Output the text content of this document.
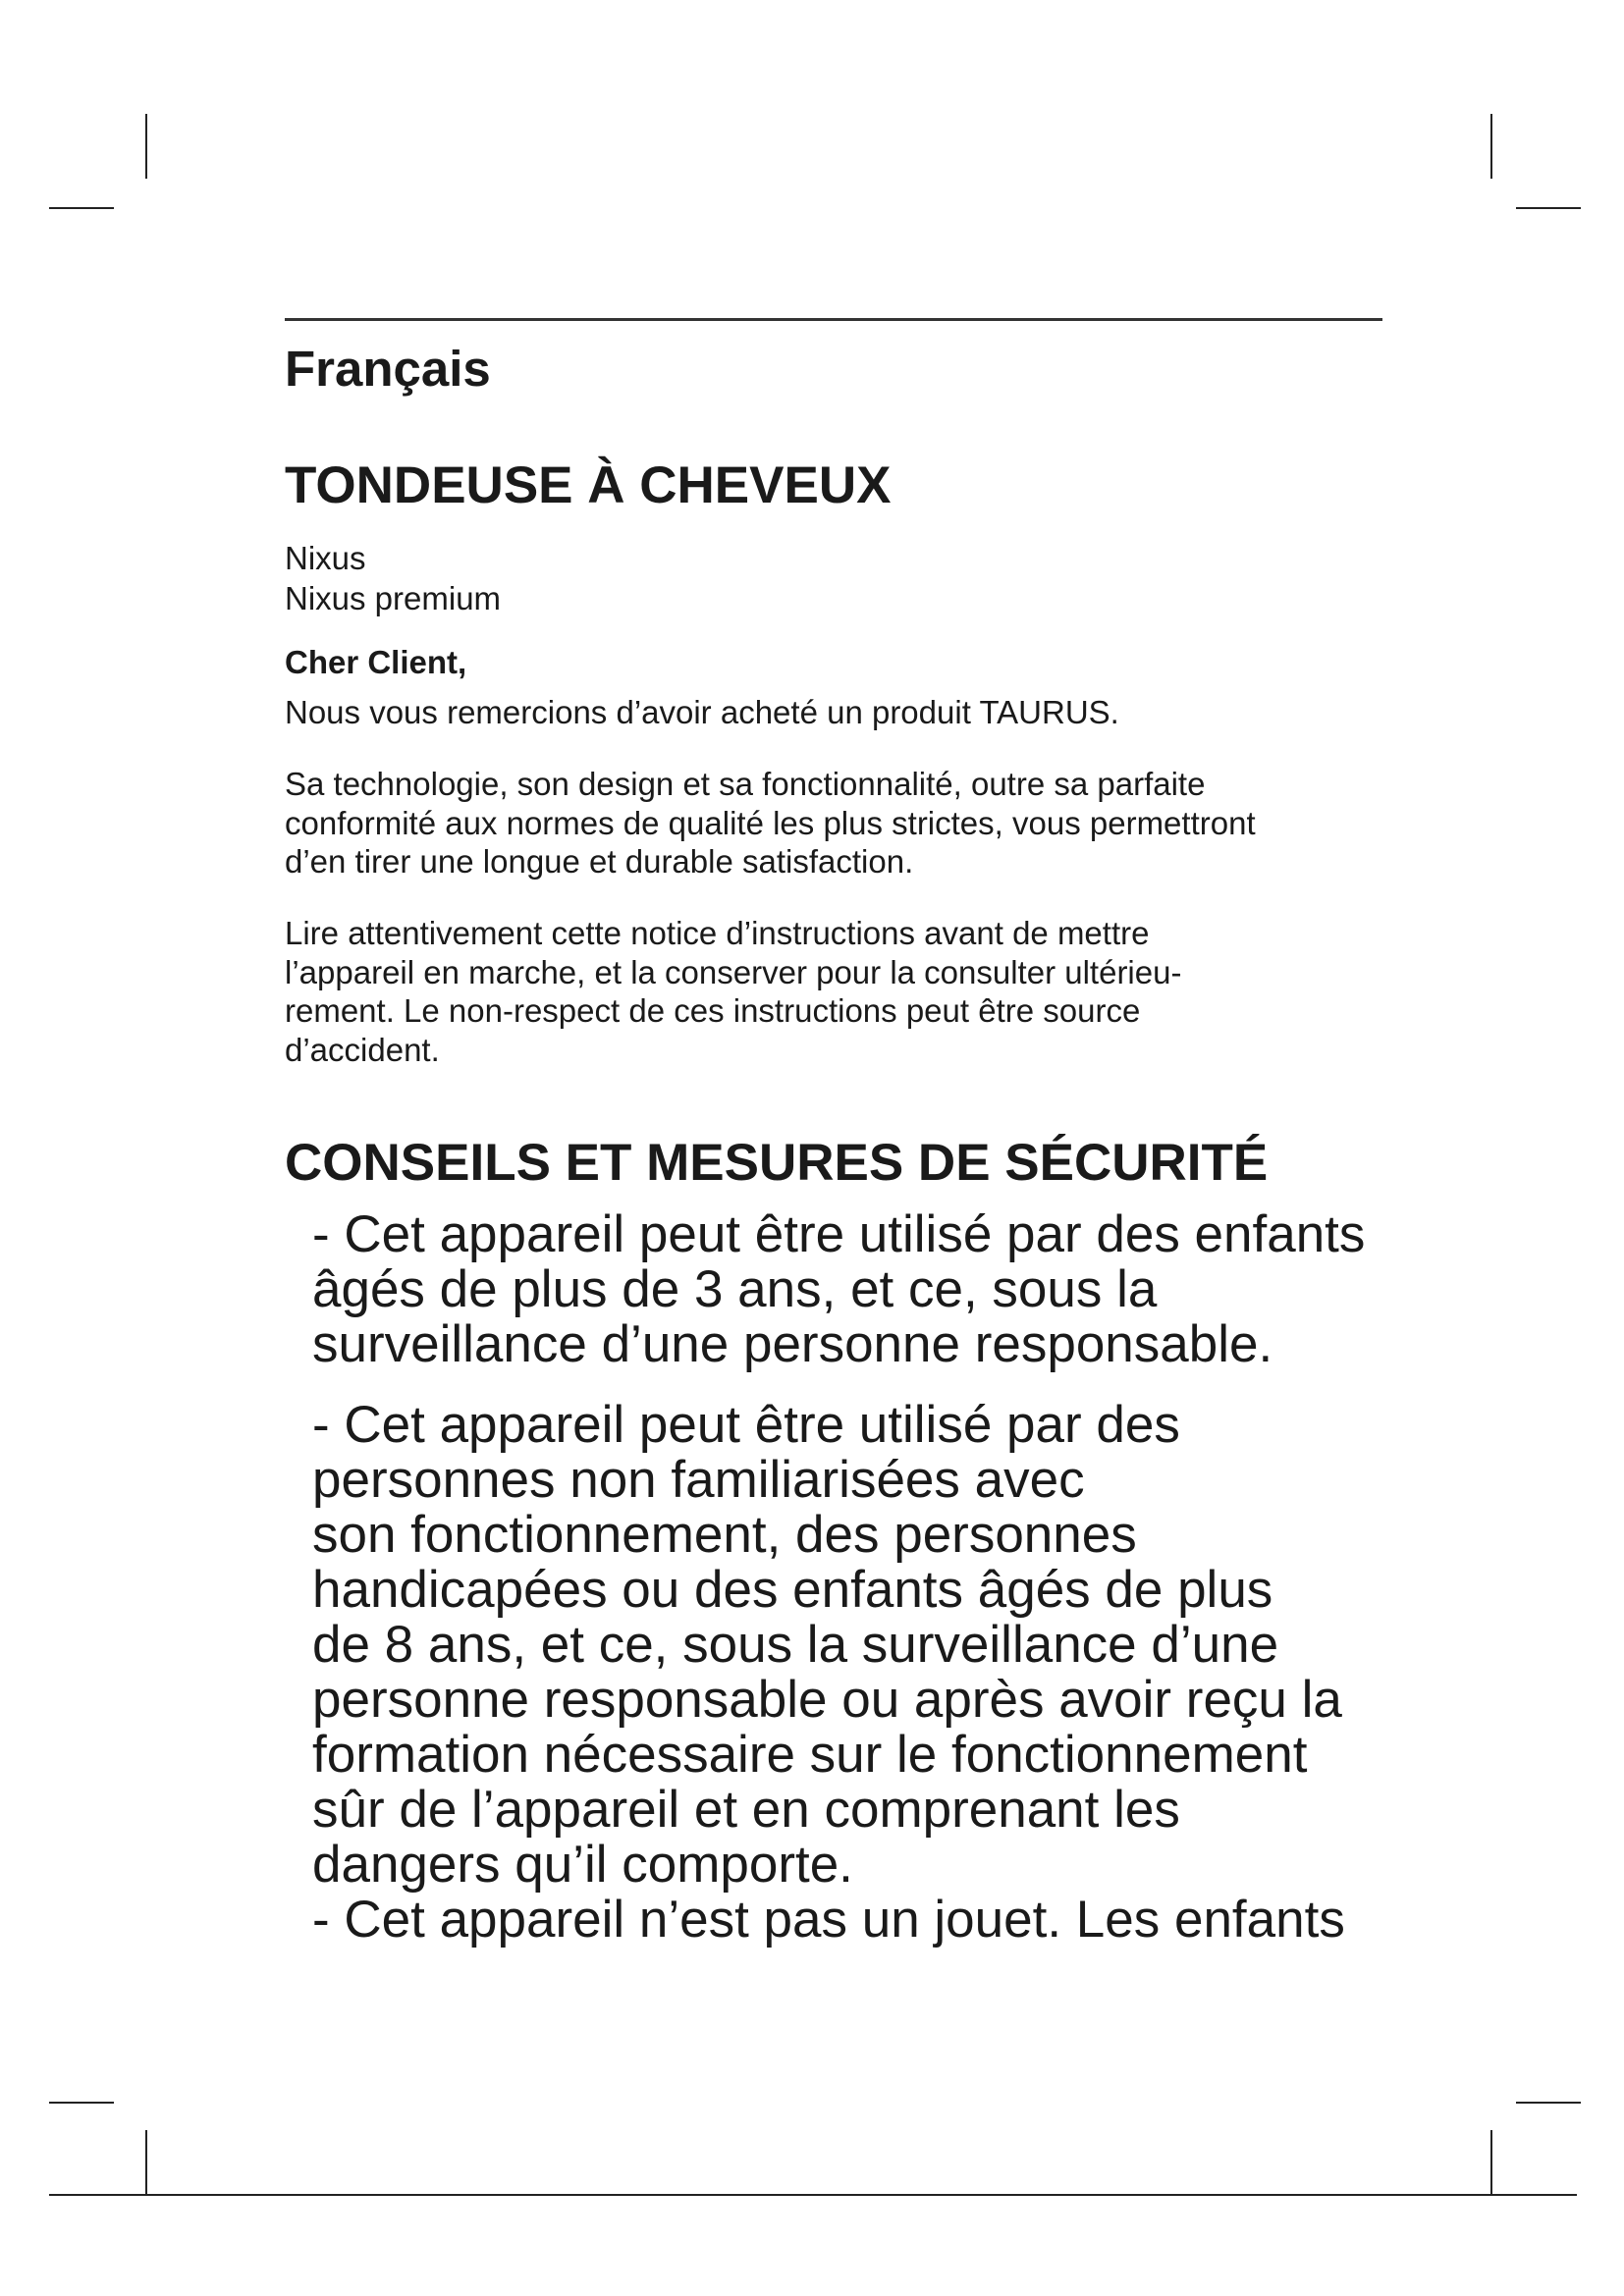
Français
TONDEUSE À CHEVEUX
Nixus
Nixus premium
Cher Client,

Nous vous remercions d’avoir acheté un produit TAURUS.

Sa technologie, son design et sa fonctionnalité, outre sa parfaite
conformité aux normes de qualité les plus strictes, vous permettront
d’en tirer une longue et durable satisfaction.

Lire attentivement cette notice d’instructions avant de mettre
l’appareil en marche, et la conserver pour la consulter ultérieu-
rement. Le non-respect de ces instructions peut être source
d’accident.

CONSEILS ET MESURES DE SÉCURITÉ

- Cet appareil peut être utilisé par des enfants
âgés de plus de 3 ans, et ce, sous la
surveillance d’une personne responsable.

- Cet appareil peut être utilisé par des
personnes non familiarisées avec
son fonctionnement, des personnes
handicapées ou des enfants âgés de plus
de 8 ans, et ce, sous la surveillance d’une
personne responsable ou après avoir reçu la
formation nécessaire sur le fonctionnement
sûr de l’appareil et en comprenant les
dangers qu’il comporte.

- Cet appareil n’est pas un jouet. Les enfants
